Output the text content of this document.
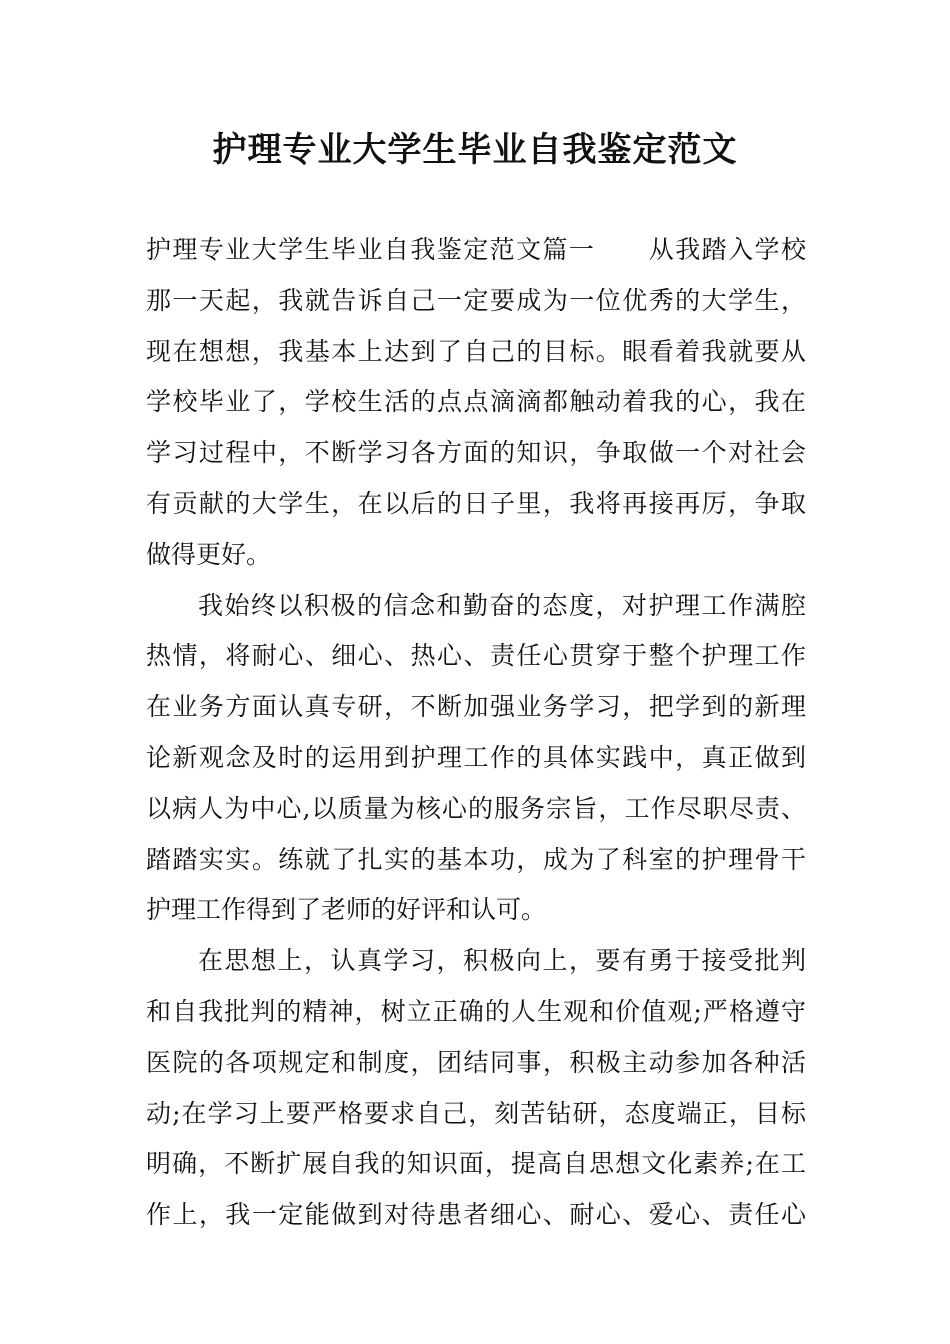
护理专业大学生毕业自我鉴定范文
护理专业大学生毕业自我鉴定范文篇一 从我踏入学校
那一天起，我就告诉自己一定要成为一位优秀的大学生，
现在想想，我基本上达到了自己的目标。眼看着我就要从
学校毕业了，学校生活的点点滴滴都触动着我的心，我在
学习过程中，不断学习各方面的知识，争取做一个对社会
有贡献的大学生，在以后的日子里，我将再接再厉，争取
做得更好。
我始终以积极的信念和勤奋的态度，对护理工作满腔
热情，将耐心、细心、热心、责任心贯穿于整个护理工作
在业务方面认真专研，不断加强业务学习，把学到的新理
论新观念及时的运用到护理工作的具体实践中，真正做到
以病人为中心,以质量为核心的服务宗旨，工作尽职尽责、
踏踏实实。练就了扎实的基本功，成为了科室的护理骨干
护理工作得到了老师的好评和认可。
在思想上，认真学习，积极向上，要有勇于接受批判
和自我批判的精神，树立正确的人生观和价值观;严格遵守
医院的各项规定和制度，团结同事，积极主动参加各种活
动;在学习上要严格要求自己，刻苦钻研，态度端正，目标
明确，不断扩展自我的知识面，提高自思想文化素养;在工
作上，我一定能做到对待患者细心、耐心、爱心、责任心
